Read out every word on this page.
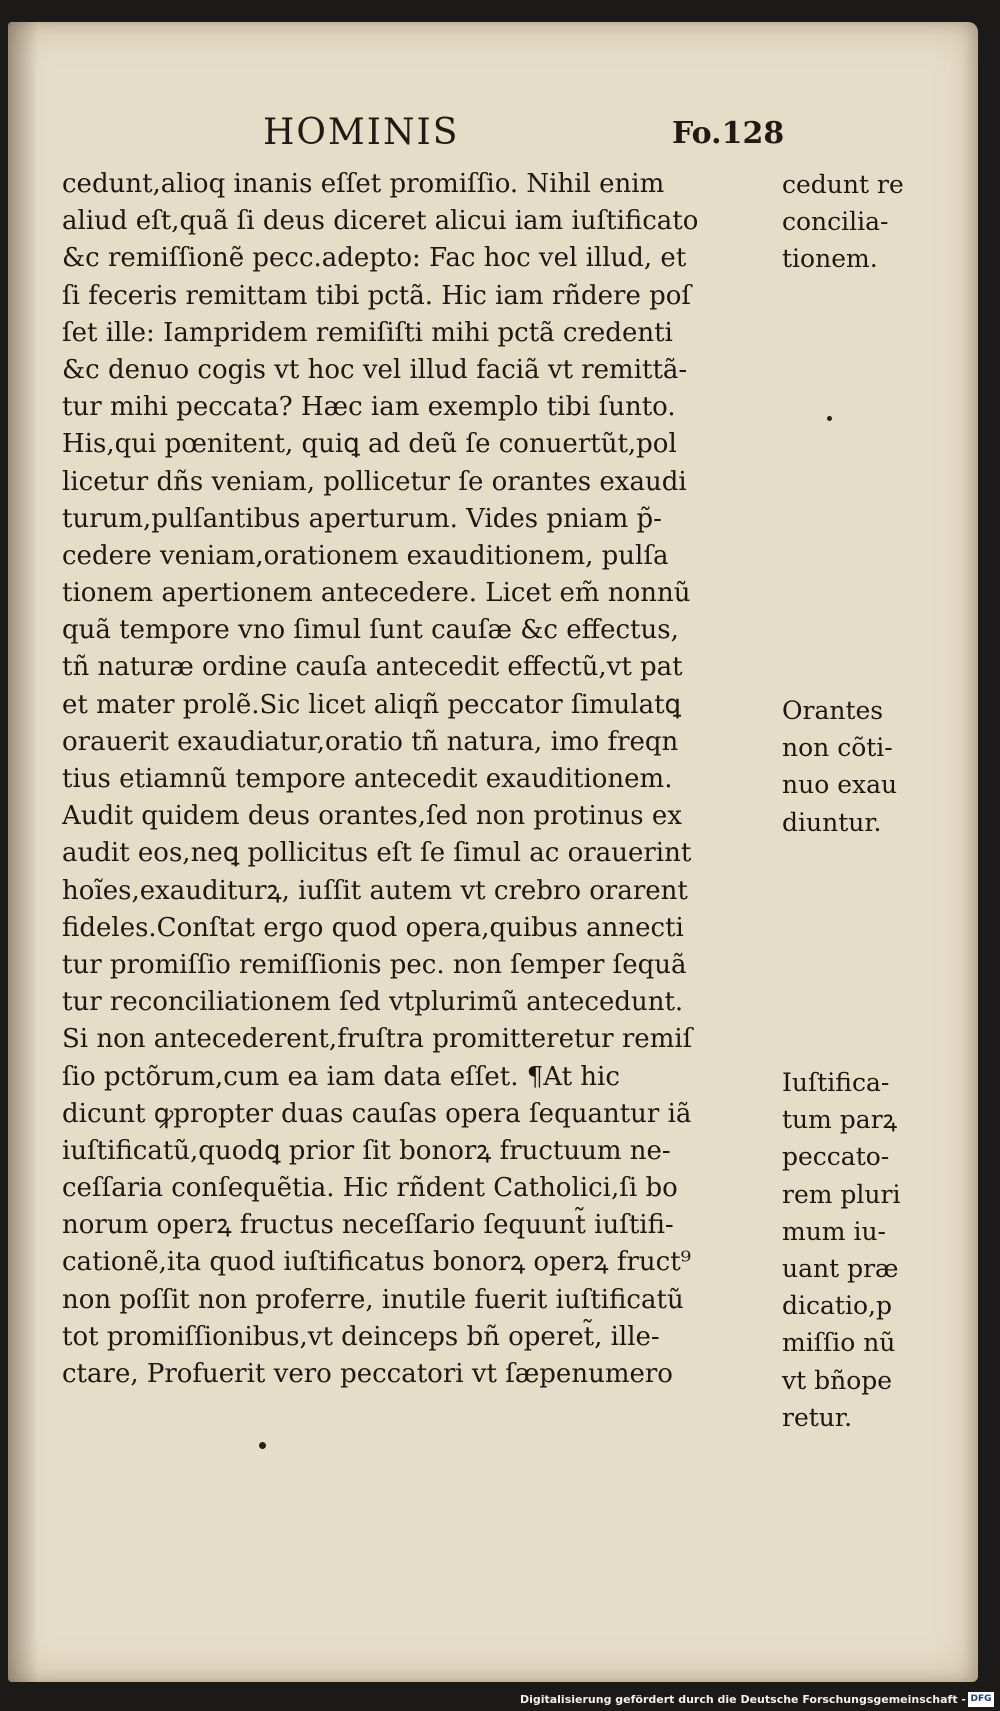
HOMINIS	Fo.128
cedunt,alioq inanis eſſet promiſſio. Nihil enim
aliud eſt,quã ſi deus diceret alicui iam iuſtificato
&c remiſſionẽ pecc.adepto: Fac hoc vel illud, et
ſi feceris remittam tibi pctã. Hic iam rñdere poſ
ſet ille: Iampridem remiſiſti mihi pctã credenti
&c denuo cogis vt hoc vel illud faciã vt remittã-
tur mihi peccata? Hæc iam exemplo tibi ſunto.
His,qui pœnitent, quiꝗ ad deũ ſe conuertũt,pol
licetur dñs veniam, pollicetur ſe orantes exaudi
turum,pulſantibus aperturum. Vides pniam p̃-
cedere veniam,orationem exauditionem, pulſa
tionem apertionem antecedere. Licet em̃ nonnũ
quã tempore vno ſimul ſunt cauſæ &c effectus,
tñ naturæ ordine cauſa antecedit effectũ,vt pat
et mater prolẽ.Sic licet aliqñ peccator ſimulatꝗ
orauerit exaudiatur,oratio tñ natura, imo freqn
tius etiamnũ tempore antecedit exauditionem.
Audit quidem deus orantes,ſed non protinus ex
audit eos,neꝗ pollicitus eſt ſe ſimul ac orauerint
hoĩes,exauditurꝝ, iuſſit autem vt crebro orarent
fideles.Conſtat ergo quod opera,quibus annecti
tur promiſſio remiſſionis pec. non ſemper ſequã
tur reconciliationem ſed vtplurimũ antecedunt.
Si non antecederent,fruſtra promitteretur remiſ
ſio pctõrum,cum ea iam data eſſet. ¶At hic
dicunt ꝙpropter duas cauſas opera ſequantur iã
iuſtificatũ,quodꝗ prior ſit bonorꝝ fructuum ne-
ceſſaria conſequẽtia. Hic rñdent Catholici,ſi bo
norum operꝝ fructus neceſſario ſequunt̃ iuſtifi-
cationẽ,ita quod iuſtificatus bonorꝝ operꝝ fruct⁹
non poſſit non proferre, inutile fuerit iuſtificatũ
tot promiſſionibus,vt deinceps bñ operet̃, ille-
ctare, Profuerit vero peccatori vt ſæpenumero
cedunt re
concilia-
tionem.
Orantes
non cõti-
nuo exau
diuntur.
Iuſtifica-
tum parꝝ
peccato-
rem pluri
mum iu-
uant præ
dicatio,p
miſſio nũ
vt bñope
retur.
Digitalisierung gefördert durch die Deutsche Forschungsgemeinschaft - DFG
